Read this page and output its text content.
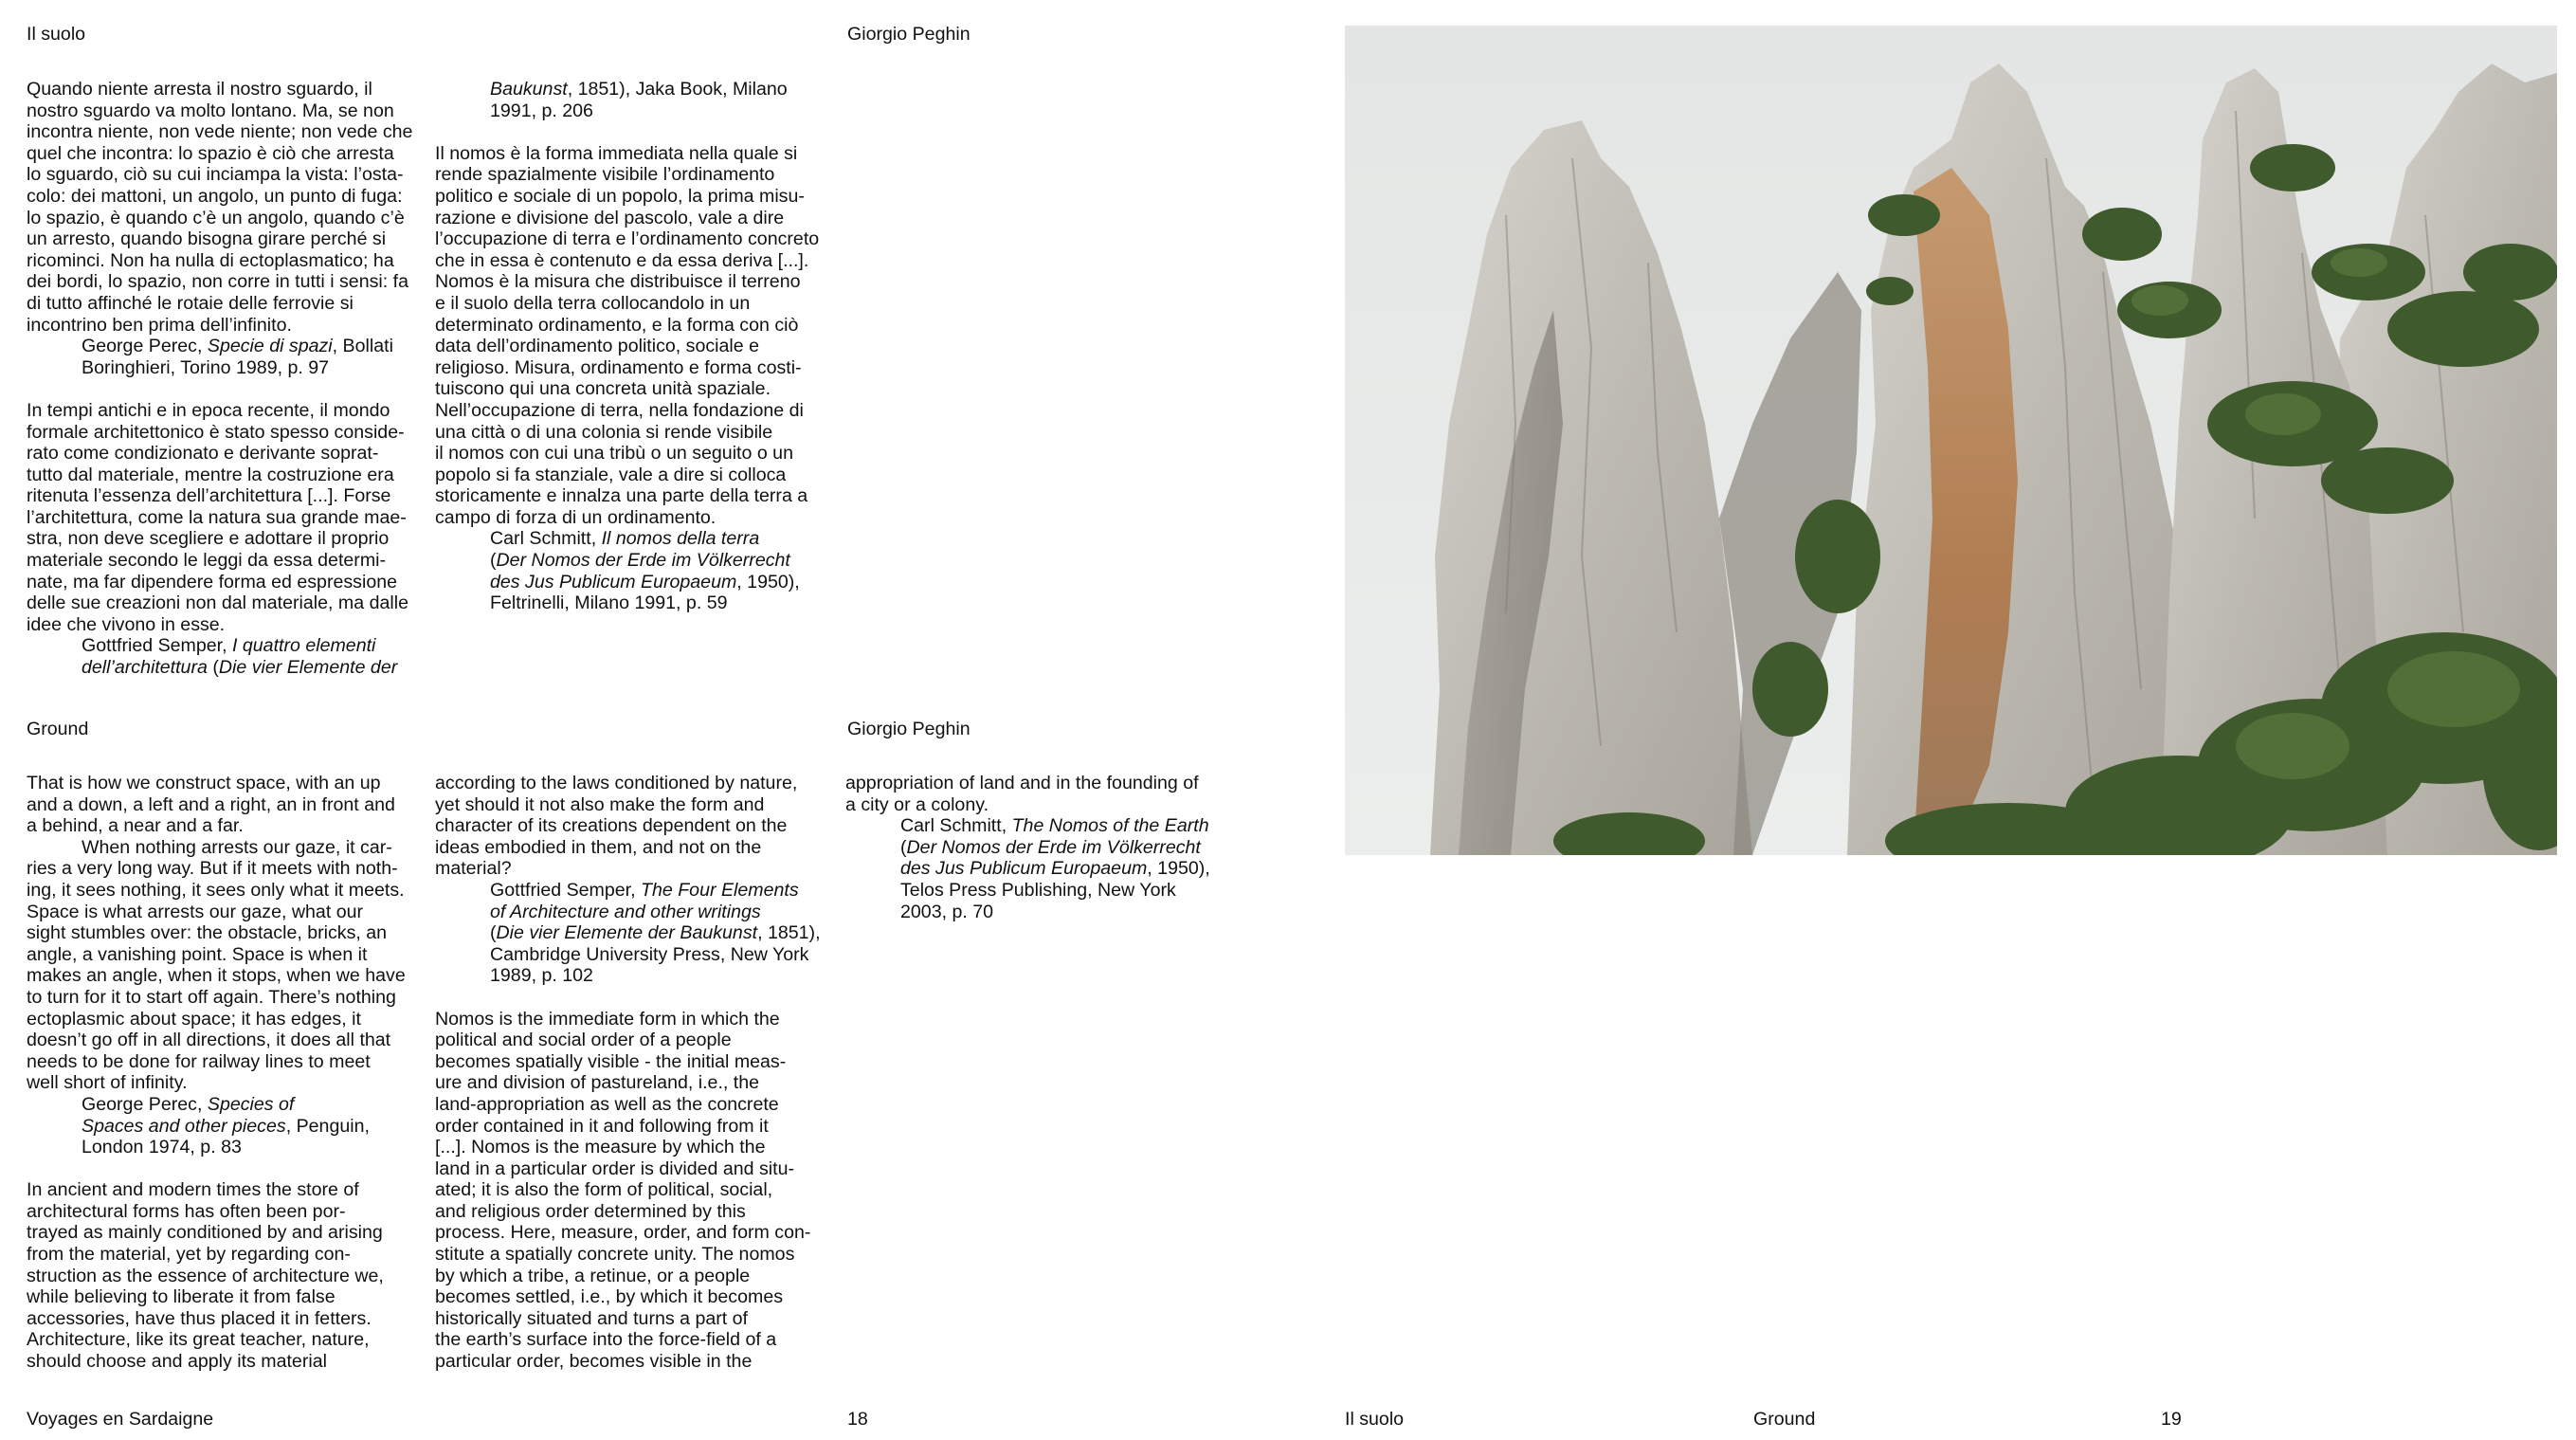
Il suolo	Giorgio Peghin
Quando niente arresta il nostro sguardo, il
nostro sguardo va molto lontano. Ma, se non
incontra niente, non vede niente; non vede che
quel che incontra: lo spazio è ciò che arresta
lo sguardo, ciò su cui inciampa la vista: l’osta-
colo: dei mattoni, un angolo, un punto di fuga:
lo spazio, è quando c’è un angolo, quando c’è
un arresto, quando bisogna girare perché si
ricominci. Non ha nulla di ectoplasmatico; ha
dei bordi, lo spazio, non corre in tutti i sensi: fa
di tutto affinché le rotaie delle ferrovie si
incontrino ben prima dell’infinito.
George Perec, Specie di spazi, Bollati
Boringhieri, Torino 1989, p. 97
In tempi antichi e in epoca recente, il mondo
formale architettonico è stato spesso conside-
rato come condizionato e derivante soprat-
tutto dal materiale, mentre la costruzione era
ritenuta l’essenza dell’architettura [...]. Forse
l’architettura, come la natura sua grande mae-
stra, non deve scegliere e adottare il proprio
materiale secondo le leggi da essa determi-
nate, ma far dipendere forma ed espressione
delle sue creazioni non dal materiale, ma dalle
idee che vivono in esse.
Gottfried Semper, I quattro elementi
dell’architettura (Die vier Elemente der
Baukunst, 1851), Jaka Book, Milano
1991, p. 206
Il nomos è la forma immediata nella quale si
rende spazialmente visibile l’ordinamento
politico e sociale di un popolo, la prima misu-
razione e divisione del pascolo, vale a dire
l’occupazione di terra e l’ordinamento concreto
che in essa è contenuto e da essa deriva [...].
Nomos è la misura che distribuisce il terreno
e il suolo della terra collocandolo in un
determinato ordinamento, e la forma con ciò
data dell’ordinamento politico, sociale e
religioso. Misura, ordinamento e forma costi-
tuiscono qui una concreta unità spaziale.
Nell’occupazione di terra, nella fondazione di
una città o di una colonia si rende visibile
il nomos con cui una tribù o un seguito o un
popolo si fa stanziale, vale a dire si colloca
storicamente e innalza una parte della terra a
campo di forza di un ordinamento.
Carl Schmitt, Il nomos della terra
(Der Nomos der Erde im Völkerrecht
des Jus Publicum Europaeum, 1950),
Feltrinelli, Milano 1991, p. 59
Ground	Giorgio Peghin
That is how we construct space, with an up
and a down, a left and a right, an in front and
a behind, a near and a far.
When nothing arrests our gaze, it car-
ries a very long way. But if it meets with noth-
ing, it sees nothing, it sees only what it meets.
Space is what arrests our gaze, what our
sight stumbles over: the obstacle, bricks, an
angle, a vanishing point. Space is when it
makes an angle, when it stops, when we have
to turn for it to start off again. There’s nothing
ectoplasmic about space; it has edges, it
doesn’t go off in all directions, it does all that
needs to be done for railway lines to meet
well short of infinity.
George Perec, Species of
Spaces and other pieces, Penguin,
London 1974, p. 83
In ancient and modern times the store of
architectural forms has often been por-
trayed as mainly conditioned by and arising
from the material, yet by regarding con-
struction as the essence of architecture we,
while believing to liberate it from false
accessories, have thus placed it in fetters.
Architecture, like its great teacher, nature,
should choose and apply its material
according to the laws conditioned by nature,
yet should it not also make the form and
character of its creations dependent on the
ideas embodied in them, and not on the
material?
Gottfried Semper, The Four Elements
of Architecture and other writings
(Die vier Elemente der Baukunst, 1851),
Cambridge University Press, New York
1989, p. 102
Nomos is the immediate form in which the
political and social order of a people
becomes spatially visible - the initial meas-
ure and division of pastureland, i.e., the
land-appropriation as well as the concrete
order contained in it and following from it
[...]. Nomos is the measure by which the
land in a particular order is divided and situ-
ated; it is also the form of political, social,
and religious order determined by this
process. Here, measure, order, and form con-
stitute a spatially concrete unity. The nomos
by which a tribe, a retinue, or a people
becomes settled, i.e., by which it becomes
historically situated and turns a part of
the earth’s surface into the force-field of a
particular order, becomes visible in the
appropriation of land and in the founding of
a city or a colony.
Carl Schmitt, The Nomos of the Earth
(Der Nomos der Erde im Völkerrecht
des Jus Publicum Europaeum, 1950),
Telos Press Publishing, New York
2003, p. 70
Voyages en Sardaigne	18	Il suolo	Ground	19
